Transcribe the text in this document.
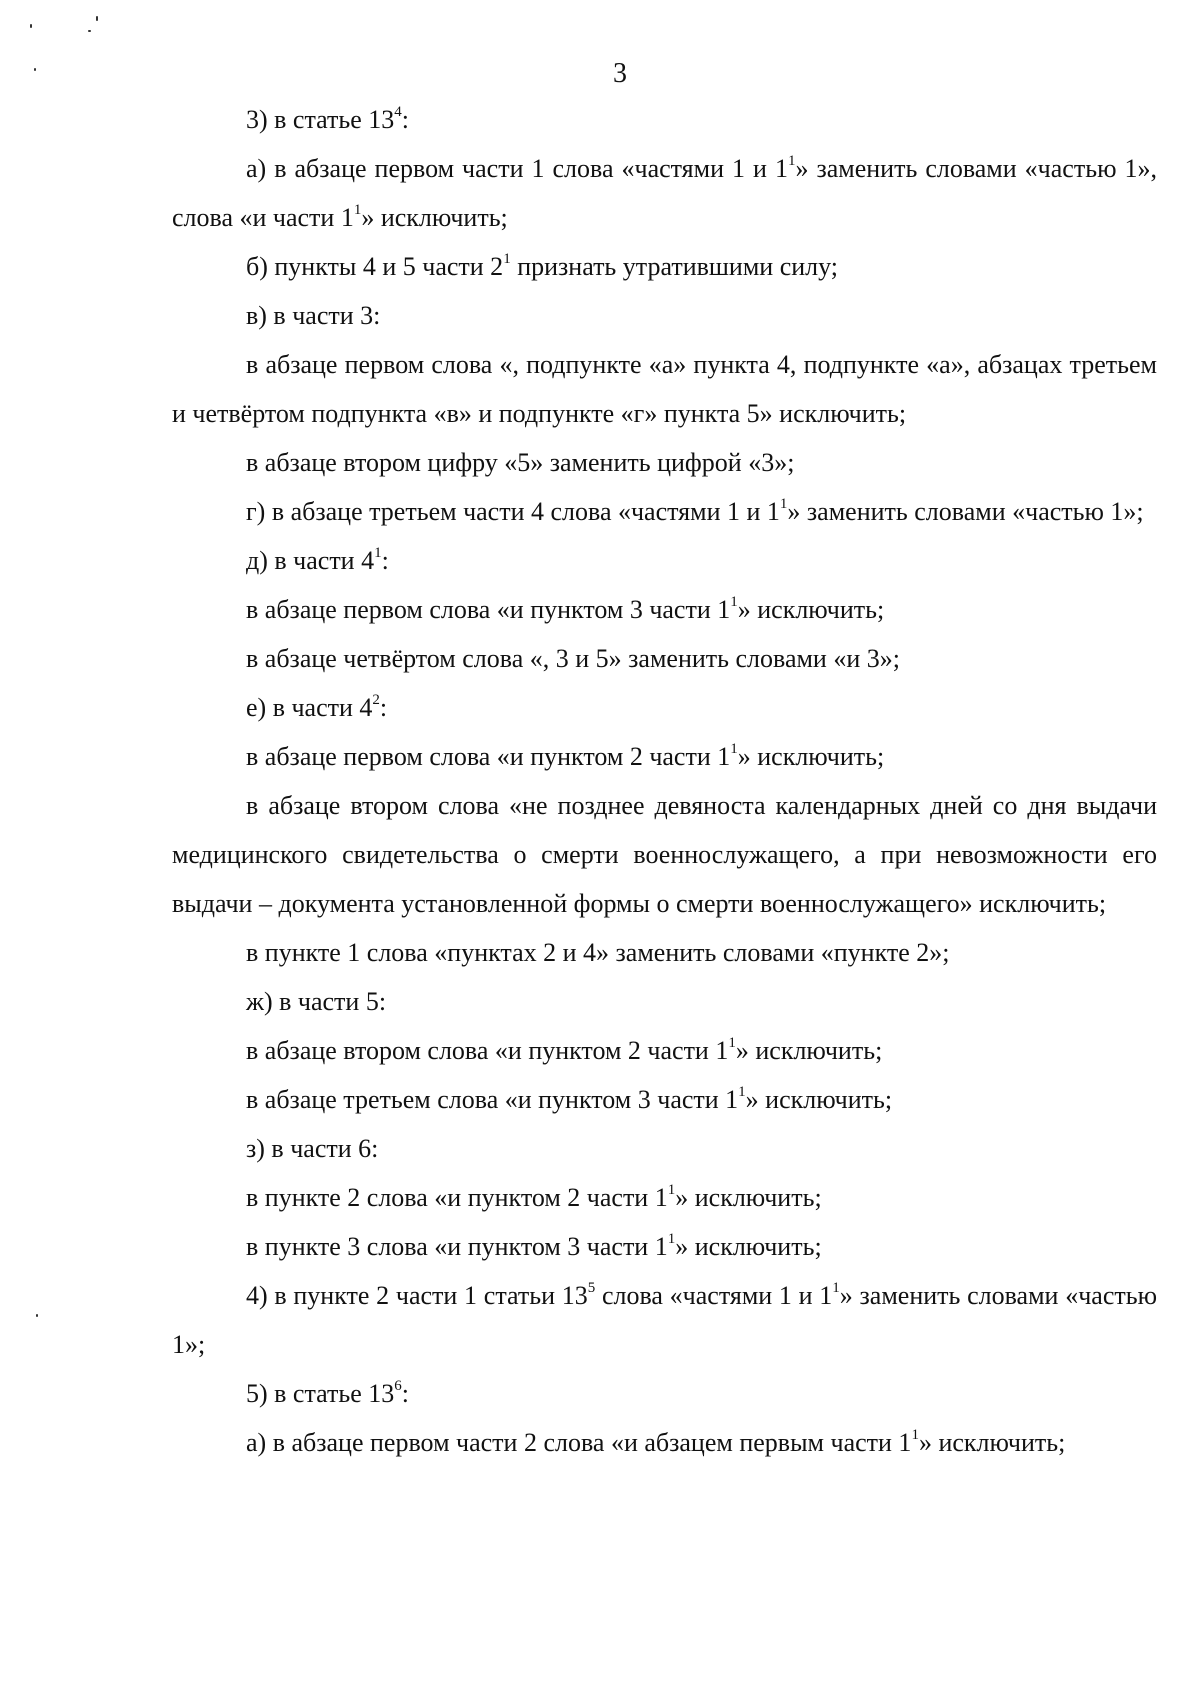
3

3) в статье $13^4$:

а) в абзаце первом части 1 слова «частями 1 и $1^1$» заменить словами «частью 1», слова «и части $1^1$» исключить;

б) пункты 4 и 5 части $2^1$ признать утратившими силу;

в) в части 3:

в абзаце первом слова «, подпункте «а» пункта 4, подпункте «а», абзацах третьем и четвёртом подпункта «в» и подпункте «г» пункта 5» исключить;

в абзаце втором цифру «5» заменить цифрой «3»;

г) в абзаце третьем части 4 слова «частями 1 и $1^1$» заменить словами «частью 1»;

д) в части $4^1$:

в абзаце первом слова «и пунктом 3 части $1^1$» исключить;

в абзаце четвёртом слова «, 3 и 5» заменить словами «и 3»;

е) в части $4^2$:

в абзаце первом слова «и пунктом 2 части $1^1$» исключить;

в абзаце втором слова «не позднее девяноста календарных дней со дня выдачи медицинского свидетельства о смерти военнослужащего, а при невозможности его выдачи – документа установленной формы о смерти военнослужащего» исключить;

в пункте 1 слова «пунктах 2 и 4» заменить словами «пункте 2»;

ж) в части 5:

в абзаце втором слова «и пунктом 2 части $1^1$» исключить;

в абзаце третьем слова «и пунктом 3 части $1^1$» исключить;

з) в части 6:

в пункте 2 слова «и пунктом 2 части $1^1$» исключить;

в пункте 3 слова «и пунктом 3 части $1^1$» исключить;

4) в пункте 2 части 1 статьи $13^5$ слова «частями 1 и $1^1$» заменить словами «частью 1»;

5) в статье $13^6$:

а) в абзаце первом части 2 слова «и абзацем первым части $1^1$» исключить;
